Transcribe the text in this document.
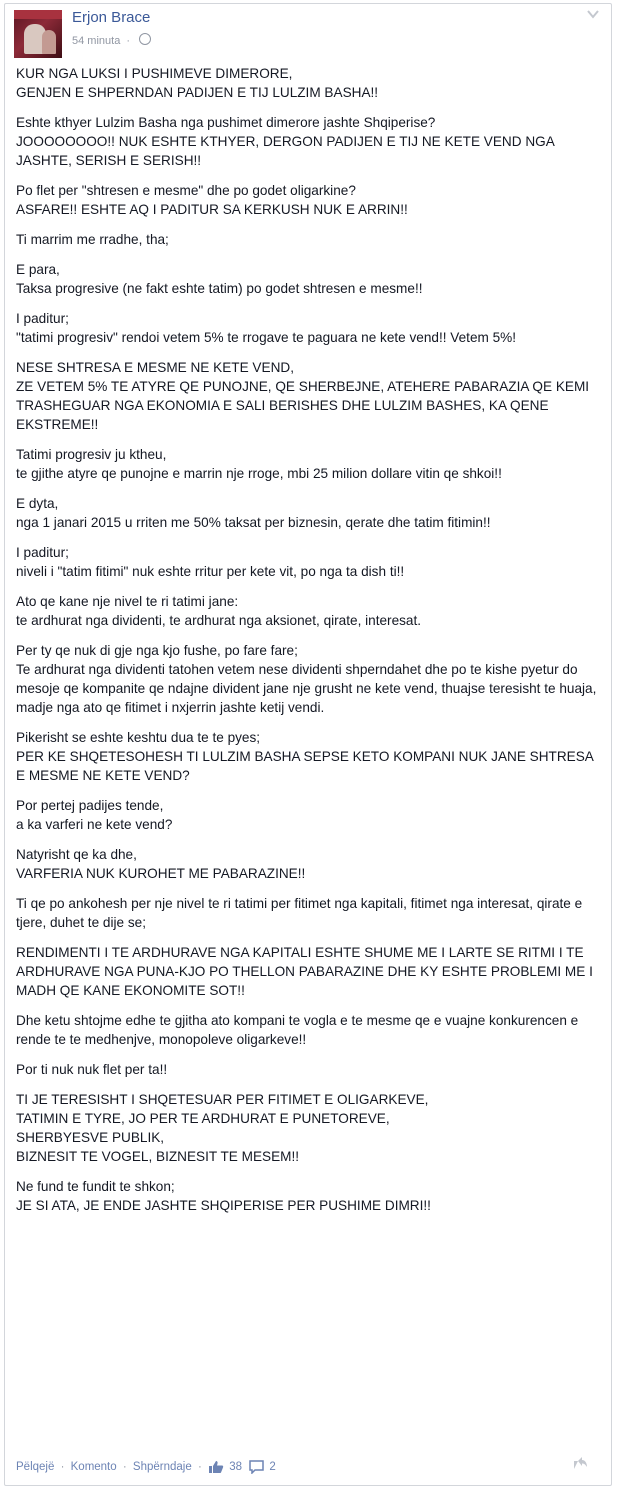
Erjon Brace
54 minuta ·

KUR NGA LUKSI I PUSHIMEVE DIMERORE,
GENJEN E SHPERNDAN PADIJEN E TIJ LULZIM BASHA!!

Eshte kthyer Lulzim Basha nga pushimet dimerore jashte Shqiperise?
JOOOOOOOO!! NUK ESHTE KTHYER, DERGON PADIJEN E TIJ NE KETE VEND NGA JASHTE, SERISH E SERISH!!

Po flet per "shtresen e mesme" dhe po godet oligarkine?
ASFARE!! ESHTE AQ I PADITUR SA KERKUSH NUK E ARRIN!!

Ti marrim me rradhe, tha;

E para,
Taksa progresive (ne fakt eshte tatim) po godet shtresen e mesme!!

I paditur;
"tatimi progresiv" rendoi vetem 5% te rrogave te paguara ne kete vend!! Vetem 5%!

NESE SHTRESA E MESME NE KETE VEND,
ZE VETEM 5% TE ATYRE QE PUNOJNE, QE SHERBEJNE, ATEHERE PABARAZIA QE KEMI TRASHEGUAR NGA EKONOMIA E SALI BERISHES DHE LULZIM BASHES, KA QENE EKSTREME!!

Tatimi progresiv ju ktheu,
te gjithe atyre qe punojne e marrin nje rroge, mbi 25 milion dollare vitin qe shkoi!!

E dyta,
nga 1 janari 2015 u rriten me 50% taksat per biznesin, qerate dhe tatim fitimin!!

I paditur;
niveli i "tatim fitimi" nuk eshte rritur per kete vit, po nga ta dish ti!!

Ato qe kane nje nivel te ri tatimi jane:
te ardhurat nga dividenti, te ardhurat nga aksionet, qirate, interesat.

Per ty qe nuk di gje nga kjo fushe, po fare fare;
Te ardhurat nga dividenti tatohen vetem nese dividenti shperndahet dhe po te kishe pyetur do mesoje qe kompanite qe ndajne divident jane nje grusht ne kete vend, thuajse teresisht te huaja, madje nga ato qe fitimet i nxjerrin jashte ketij vendi.

Pikerisht se eshte keshtu dua te te pyes;
PER KE SHQETESOHESH TI LULZIM BASHA SEPSE KETO KOMPANI NUK JANE SHTRESA E MESME NE KETE VEND?

Por pertej padijes tende,
a ka varferi ne kete vend?

Natyrisht qe ka dhe,
VARFERIA NUK KUROHET ME PABARAZINE!!

Ti qe po ankohesh per nje nivel te ri tatimi per fitimet nga kapitali, fitimet nga interesat, qirate e tjere, duhet te dije se;

RENDIMENTI I TE ARDHURAVE NGA KAPITALI ESHTE SHUME ME I LARTE SE RITMI I TE ARDHURAVE NGA PUNA-KJO PO THELLON PABARAZINE DHE KY ESHTE PROBLEMI ME I MADH QE KANE EKONOMITE SOT!!

Dhe ketu shtojme edhe te gjitha ato kompani te vogla e te mesme qe e vuajne konkurencen e rende te te medhenjve, monopoleve oligarkeve!!

Por ti nuk nuk flet per ta!!

TI JE TERESISHT I SHQETESUAR PER FITIMET E OLIGARKEVE,
TATIMIN E TYRE, JO PER TE ARDHURAT E PUNETOREVE,
SHERBYESVE PUBLIK,
BIZNESIT TE VOGEL, BIZNESIT TE MESEM!!

Ne fund te fundit te shkon;
JE SI ATA, JE ENDE JASHTE SHQIPERISE PER PUSHIME DIMRI!!

Pëlqejë · Komento · Shpërndaje · 38 2
